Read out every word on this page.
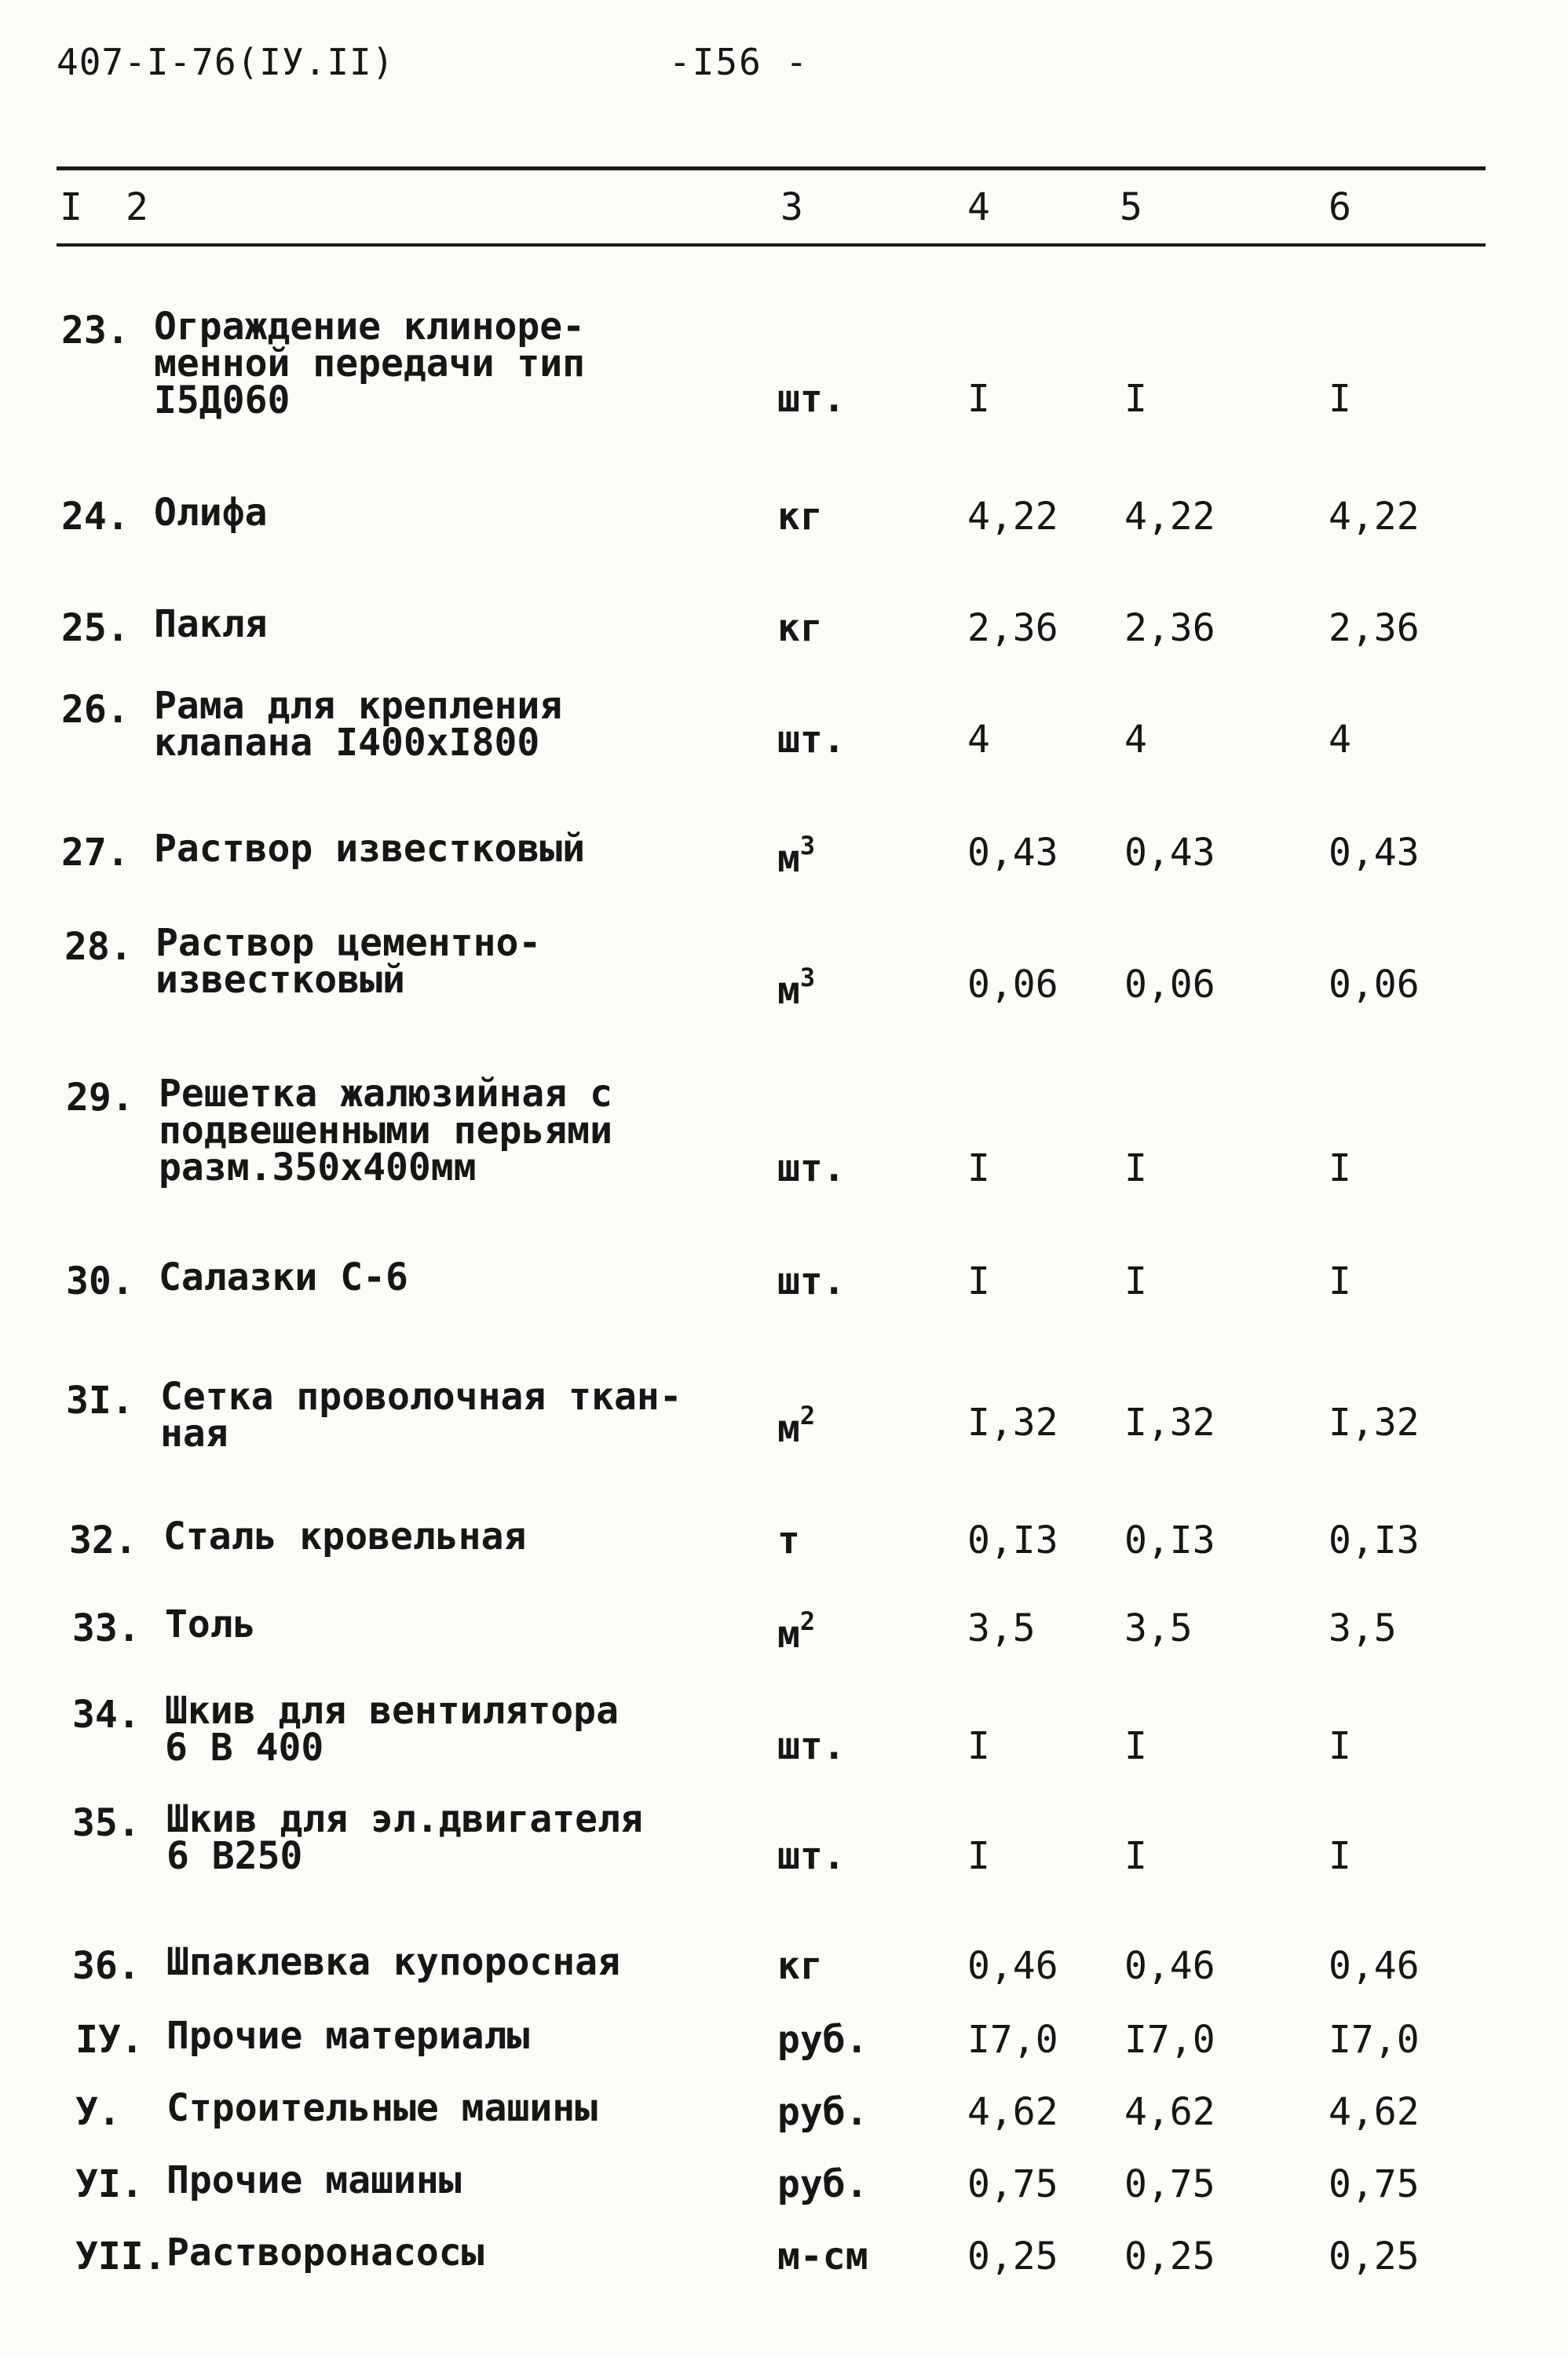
407-I-76(IУ.II)	-I56 -
I 2	3	4	5	6
23. Ограждение клиноре-
менной передачи тип
I5Д060	шт.	I	I	I
24. Олифа	кг	4,22 4,22	4,22
25. Пакля	кг	2,36 2,36	2,36
26. Рама для крепления
клапана I400хI800	шт.	4	4	4
27. Раствор известковый	$м^3$	0,43 0,43	0,43
28. Раствор цементно-
известковый	$м^3$	0,06 0,06	0,06
29. Решетка жалюзийная с
подвешенными перьями
разм.350х400мм	шт.	I	I	I
30. Салазки С-6	шт.	I	I	I
3I. Сетка проволочная ткан-
ная	$м^2$	I,32 I,32	I,32
32. Сталь кровельная	т	0,I3 0,I3	0,I3
33. Толь	$м^2$	3,5 3,5	3,5
34. Шкив для вентилятора
6 В 400	шт.	I	I	I
35. Шкив для эл.двигателя
6 В250	шт.	I	I	I
36. Шпаклевка купоросная	кг	0,46 0,46	0,46
IУ. Прочие материалы	руб.	I7,0 I7,0	I7,0
У. Строительные машины	руб.	4,62 4,62	4,62
УI. Прочие машины	руб.	0,75 0,75	0,75
УII. Растворонасосы	м-см	0,25 0,25	0,25
